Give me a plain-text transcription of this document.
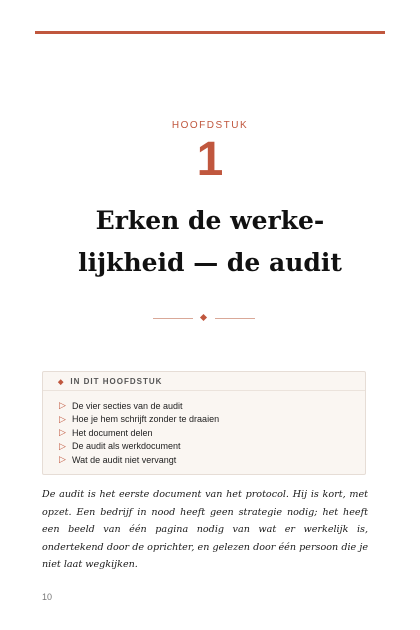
HOOFDSTUK
1
Erken de werke-
lijkheid — de audit
◆ IN DIT HOOFDSTUK
▷ De vier secties van de audit
▷ Hoe je hem schrijft zonder te draaien
▷ Het document delen
▷ De audit als werkdocument
▷ Wat de audit niet vervangt

De audit is het eerste document van het protocol. Hij is kort, met opzet. Een bedrijf in nood heeft geen strategie nodig; het heeft een beeld van één pagina nodig van wat er werkelijk is, ondertekend door de oprichter, en gelezen door één persoon die je niet laat wegkijken.

10
